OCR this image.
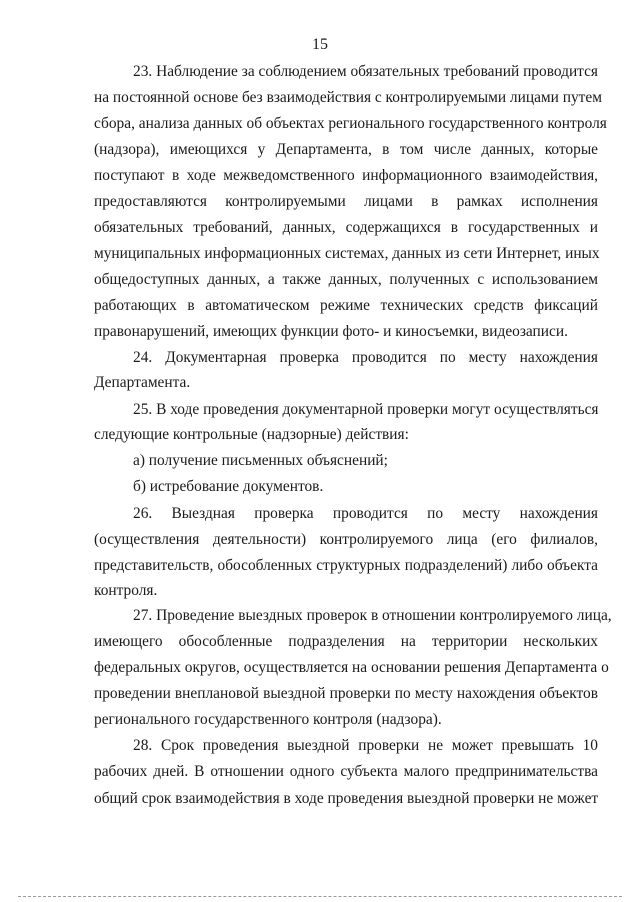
15
23. Наблюдение за соблюдением обязательных требований проводится
на постоянной основе без взаимодействия с контролируемыми лицами путем
сбора, анализа данных об объектах регионального государственного контроля
(надзора), имеющихся у Департамента, в том числе данных, которые
поступают в ходе межведомственного информационного взаимодействия,
предоставляются контролируемыми лицами в рамках исполнения
обязательных требований, данных, содержащихся в государственных и
муниципальных информационных системах, данных из сети Интернет, иных
общедоступных данных, а также данных, полученных с использованием
работающих в автоматическом режиме технических средств фиксаций
правонарушений, имеющих функции фото- и киносъемки, видеозаписи.
24. Документарная проверка проводится по месту нахождения
Департамента.
25. В ходе проведения документарной проверки могут осуществляться
следующие контрольные (надзорные) действия:
а) получение письменных объяснений;
б) истребование документов.
26. Выездная проверка проводится по месту нахождения
(осуществления деятельности) контролируемого лица (его филиалов,
представительств, обособленных структурных подразделений) либо объекта
контроля.
27. Проведение выездных проверок в отношении контролируемого лица,
имеющего обособленные подразделения на территории нескольких
федеральных округов, осуществляется на основании решения Департамента о
проведении внеплановой выездной проверки по месту нахождения объектов
регионального государственного контроля (надзора).
28. Срок проведения выездной проверки не может превышать 10
рабочих дней. В отношении одного субъекта малого предпринимательства
общий срок взаимодействия в ходе проведения выездной проверки не может
